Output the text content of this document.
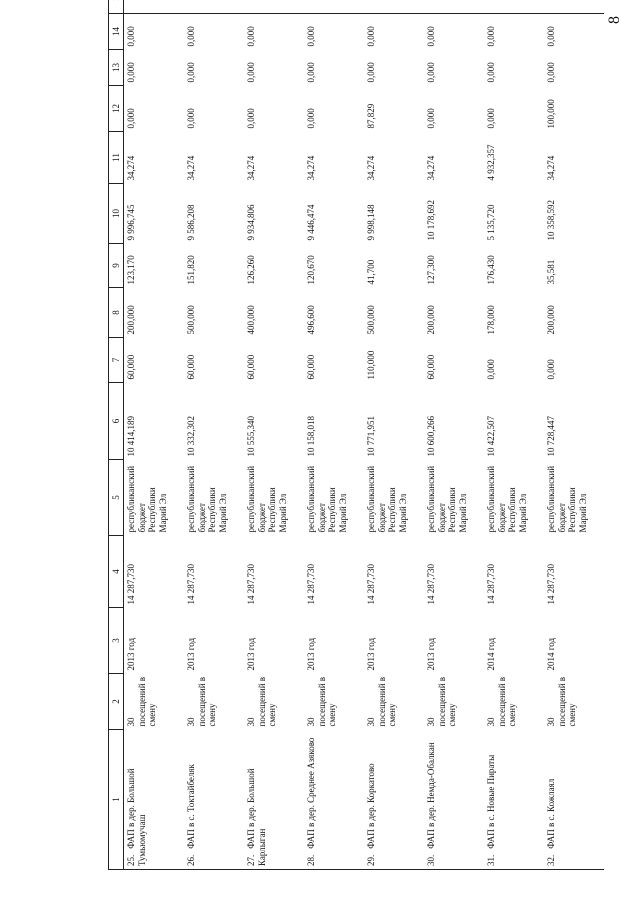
8
1	2	3	4	5	6	7	8	9	10	11	12	13	14	
25.ФАП в дер. Большой Тумьюмучаш	30 посещений в смену	2013 год	14 287,730	республиканский бюджет Республики Марий Эл	10 414,189	60,000	200,000	123,170	9 996,745	34,274	0,000	0,000	0,000	
26.ФАП в с. Токтайбеляк	30 посещений в смену	2013 год	14 287,730	республиканский бюджет Республики Марий Эл	10 332,302	60,000	500,000	151,820	9 586,208	34,274	0,000	0,000	0,000	
27.ФАП в дер. Большой Карлыган	30 посещений в смену	2013 год	14 287,730	республиканский бюджет Республики Марий Эл	10 555,340	60,000	400,000	126,260	9 934,806	34,274	0,000	0,000	0,000	
28.ФАП в дер. Среднее Азяково	30 посещений в смену	2013 год	14 287,730	республиканский бюджет Республики Марий Эл	10 158,018	60,000	496,600	120,670	9 446,474	34,274	0,000	0,000	0,000	
29.ФАП в дер. Коркатово	30 посещений в смену	2013 год	14 287,730	республиканский бюджет Республики Марий Эл	10 771,951	110,000	500,000	41,700	9 998,148	34,274	87,829	0,000	0,000	
30.ФАП в дер. Немда-Обалкан	30 посещений в смену	2013 год	14 287,730	республиканский бюджет Республики Марий Эл	10 600,266	60,000	200,000	127,300	10 178,692	34,274	0,000	0,000	0,000	
31.ФАП в с. Новые Пираты	30 посещений в смену	2014 год	14 287,730	республиканский бюджет Республики Марий Эл	10 422,507	0,000	178,000	176,430	5 135,720	4 932,357	0,000	0,000	0,000	
32.ФАП в с. Кожлаял	30 посещений в смену	2014 год	14 287,730	республиканский бюджет Республики Марий Эл	10 728,447	0,000	200,000	35,581	10 358,592	34,274	100,000	0,000	0,000	
